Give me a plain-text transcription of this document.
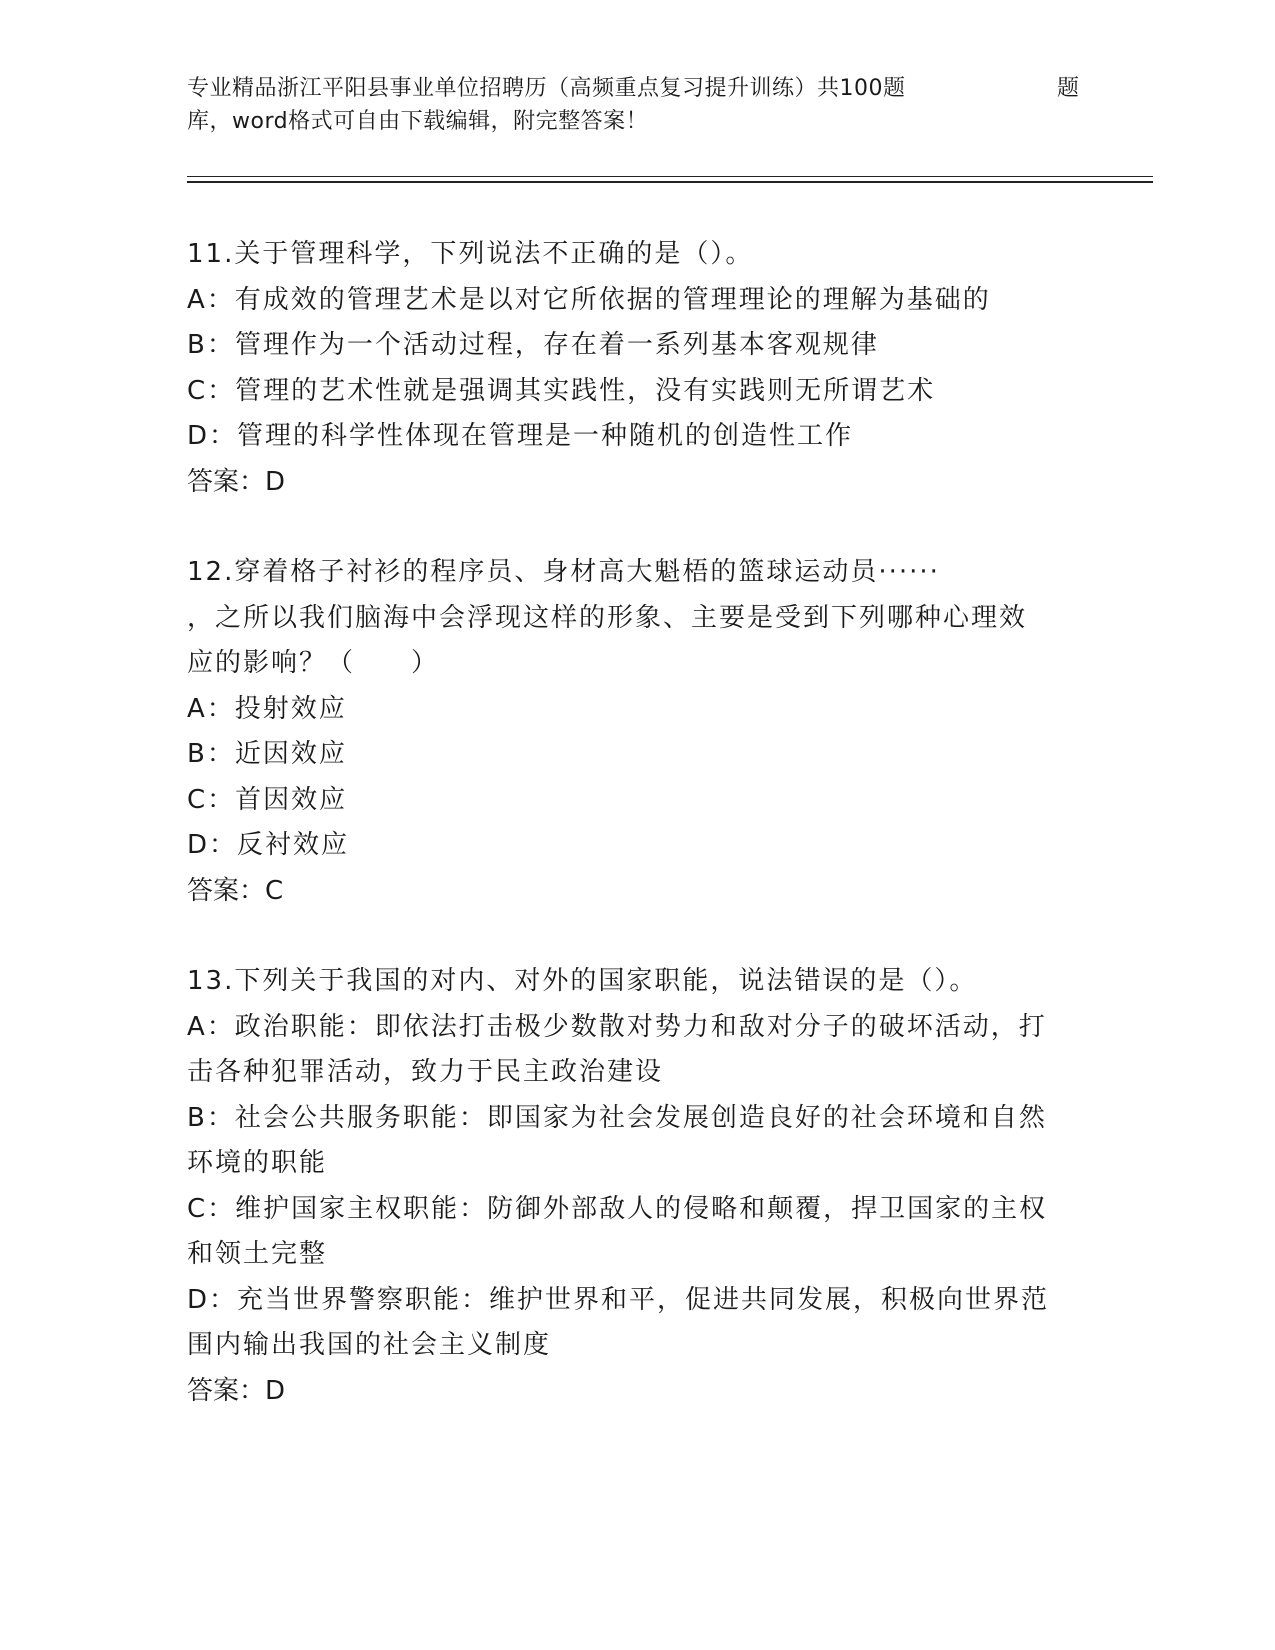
专业精品浙江平阳县事业单位招聘历（高频重点复习提升训练）共100题	题
库，word格式可自由下载编辑，附完整答案！
11.关于管理科学，下列说法不正确的是（）。
A：有成效的管理艺术是以对它所依据的管理理论的理解为基础的
B：管理作为一个活动过程，存在着一系列基本客观规律
C：管理的艺术性就是强调其实践性，没有实践则无所谓艺术
D：管理的科学性体现在管理是一种随机的创造性工作
答案：D
12.穿着格子衬衫的程序员、身材高大魁梧的篮球运动员······
，之所以我们脑海中会浮现这样的形象、主要是受到下列哪种心理效
应的影响？（　　）
A：投射效应
B：近因效应
C：首因效应
D：反衬效应
答案：C
13.下列关于我国的对内、对外的国家职能，说法错误的是（）。
A：政治职能：即依法打击极少数散对势力和敌对分子的破坏活动，打
击各种犯罪活动，致力于民主政治建设
B：社会公共服务职能：即国家为社会发展创造良好的社会环境和自然
环境的职能
C：维护国家主权职能：防御外部敌人的侵略和颠覆，捍卫国家的主权
和领土完整
D：充当世界警察职能：维护世界和平，促进共同发展，积极向世界范
围内输出我国的社会主义制度
答案：D
